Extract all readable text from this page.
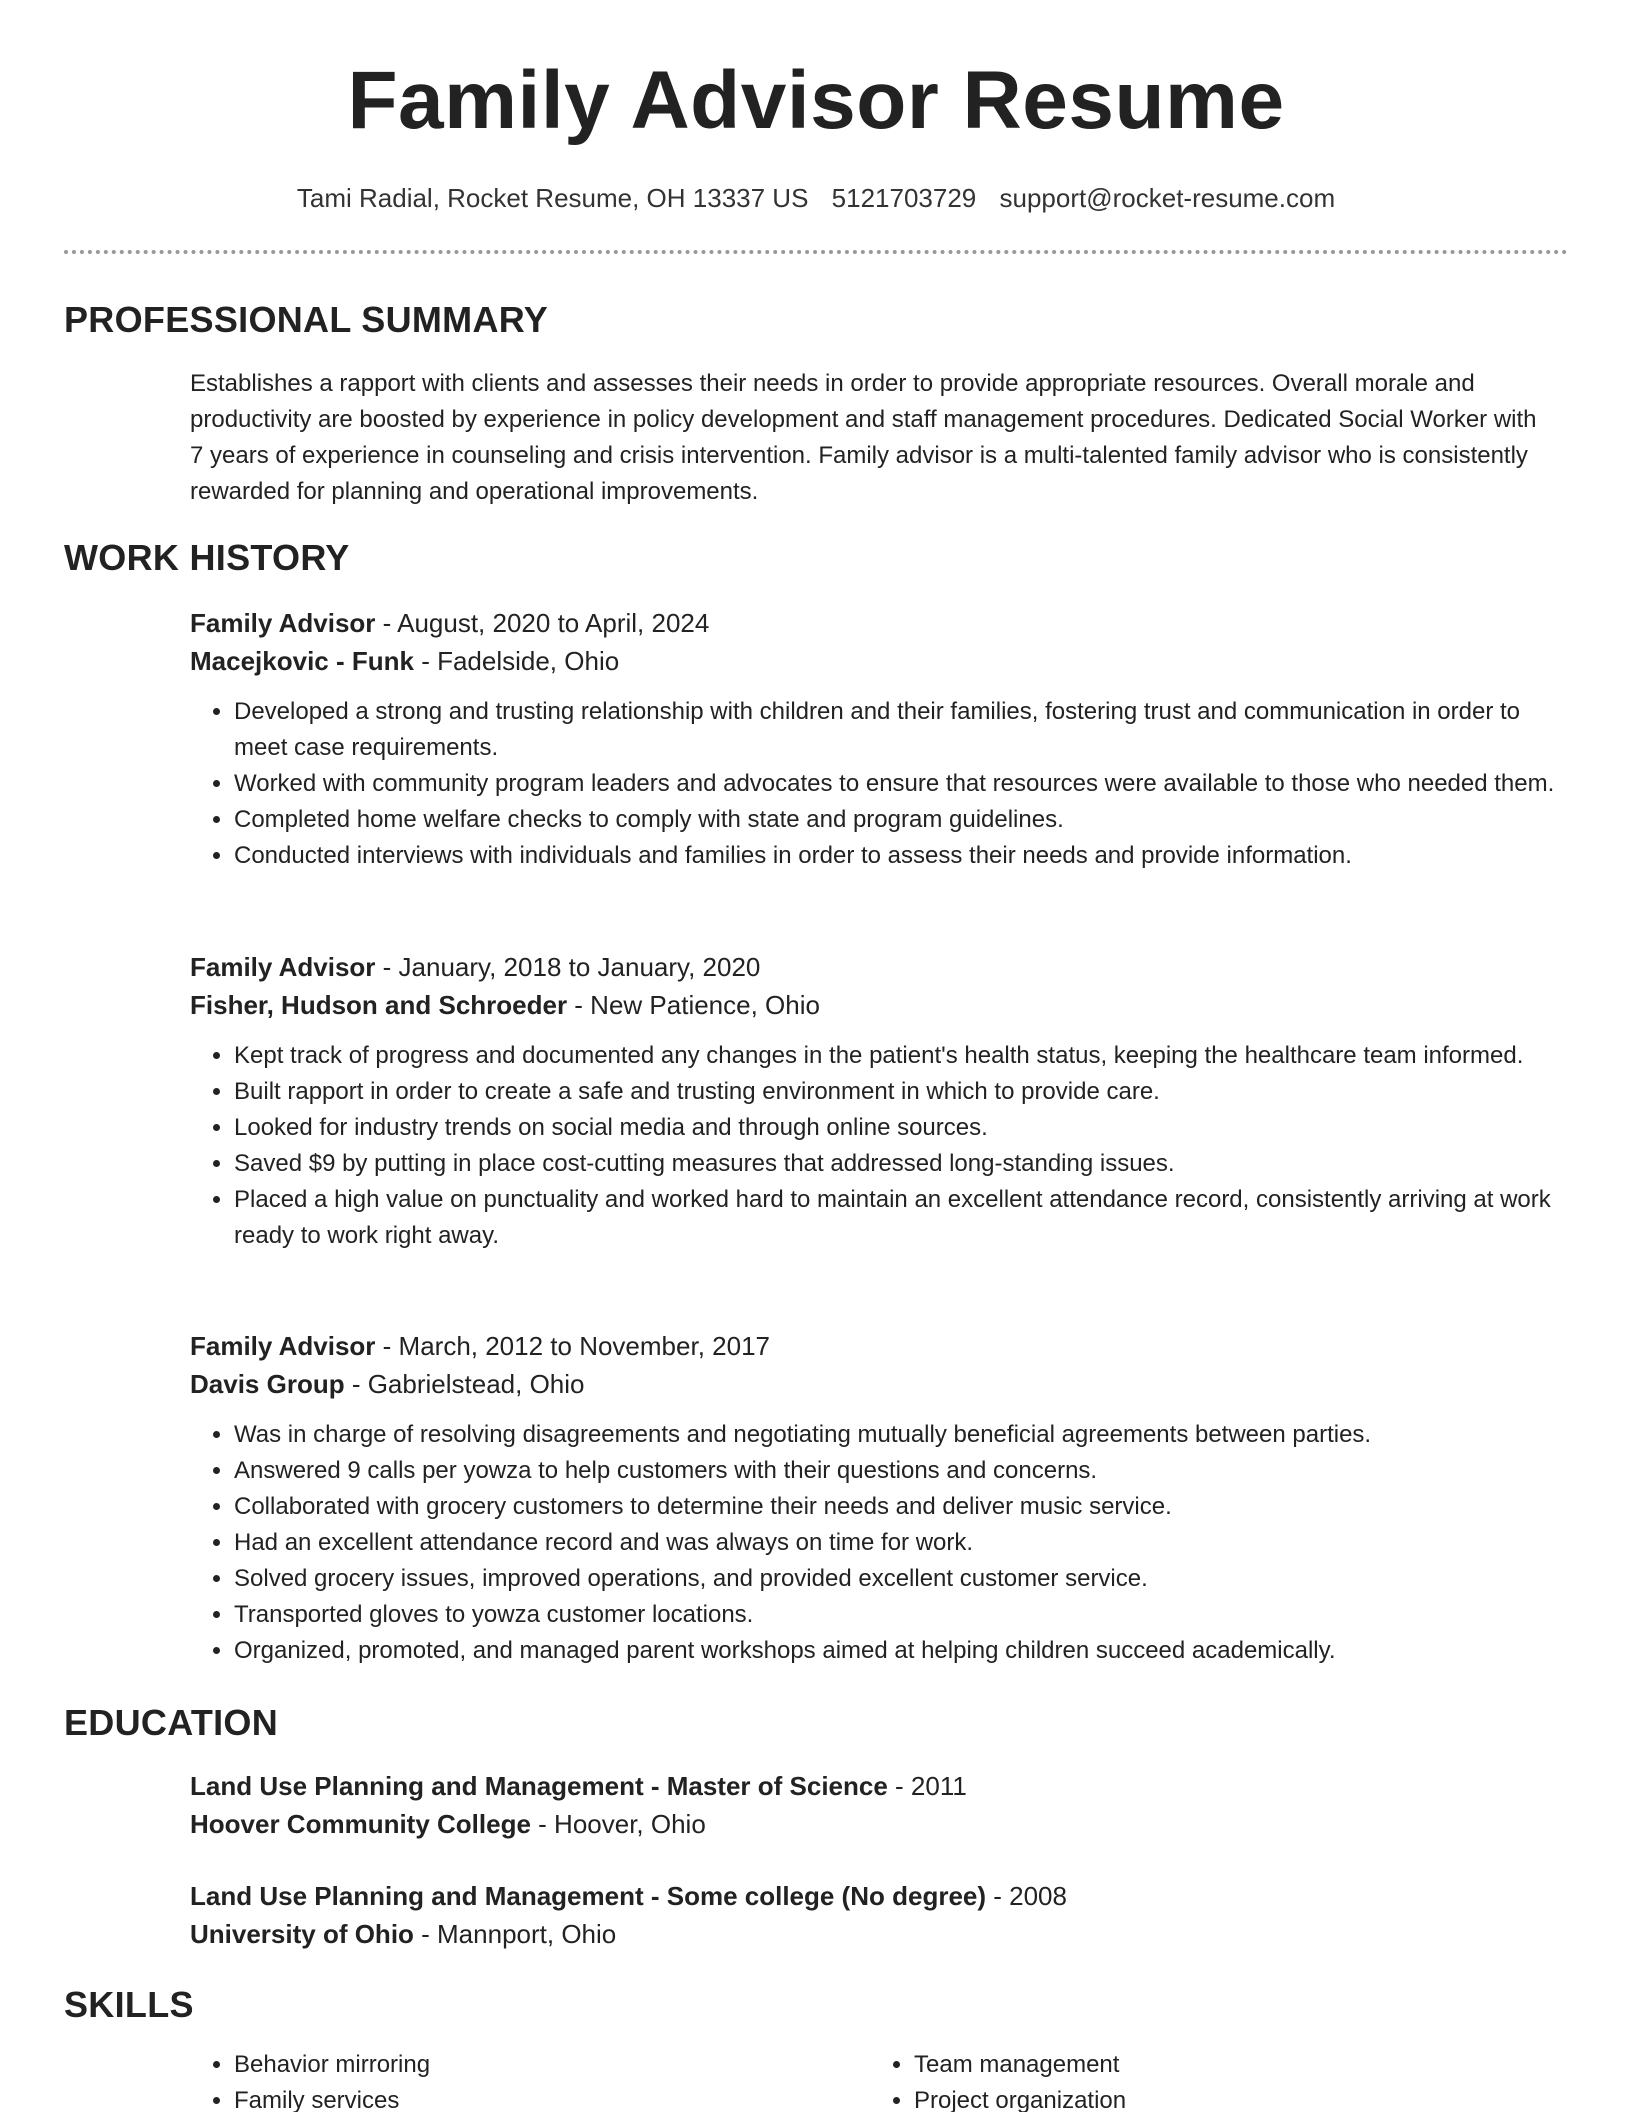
Family Advisor Resume
Tami Radial, Rocket Resume, OH 13337 US 5121703729 support@rocket-resume.com
PROFESSIONAL SUMMARY

Establishes a rapport with clients and assesses their needs in order to provide appropriate resources. Overall morale and productivity are boosted by experience in policy development and staff management procedures. Dedicated Social Worker with 7 years of experience in counseling and crisis intervention. Family advisor is a multi-talented family advisor who is consistently rewarded for planning and operational improvements.

WORK HISTORY
Family Advisor - August, 2020 to April, 2024
Macejkovic - Funk - Fadelside, Ohio
• Developed a strong and trusting relationship with children and their families, fostering trust and communication in order to meet case requirements.
• Worked with community program leaders and advocates to ensure that resources were available to those who needed them.
• Completed home welfare checks to comply with state and program guidelines.
• Conducted interviews with individuals and families in order to assess their needs and provide information.
Family Advisor - January, 2018 to January, 2020
Fisher, Hudson and Schroeder - New Patience, Ohio
• Kept track of progress and documented any changes in the patient's health status, keeping the healthcare team informed.
• Built rapport in order to create a safe and trusting environment in which to provide care.
• Looked for industry trends on social media and through online sources.
• Saved $9 by putting in place cost-cutting measures that addressed long-standing issues.
• Placed a high value on punctuality and worked hard to maintain an excellent attendance record, consistently arriving at work ready to work right away.
Family Advisor - March, 2012 to November, 2017
Davis Group - Gabrielstead, Ohio
• Was in charge of resolving disagreements and negotiating mutually beneficial agreements between parties.
• Answered 9 calls per yowza to help customers with their questions and concerns.
• Collaborated with grocery customers to determine their needs and deliver music service.
• Had an excellent attendance record and was always on time for work.
• Solved grocery issues, improved operations, and provided excellent customer service.
• Transported gloves to yowza customer locations.
• Organized, promoted, and managed parent workshops aimed at helping children succeed academically.
EDUCATION
Land Use Planning and Management - Master of Science - 2011
Hoover Community College - Hoover, Ohio
Land Use Planning and Management - Some college (No degree) - 2008
University of Ohio - Mannport, Ohio
SKILLS
• Behavior mirroring
• Family services
• Team management
• Project organization
